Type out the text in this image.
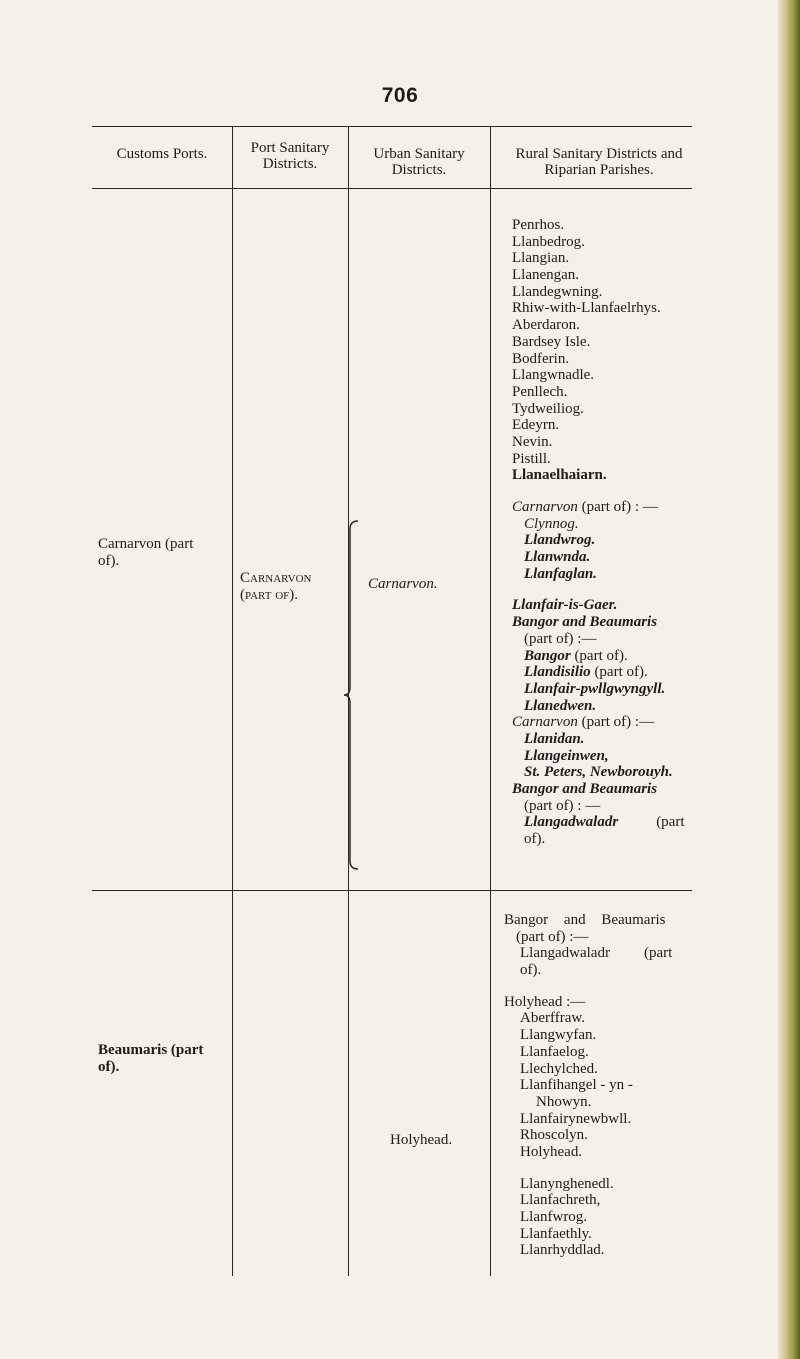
706
Customs Ports.	Port Sanitary
Districts.
Urban Sanitary
Districts.
Rural Sanitary Districts and
Riparian Parishes.
Carnarvon (part
of).
Carnarvon
(part of).
Carnarvon.
Penrhos.
Llanbedrog.
Llangian.
Llanengan.
Llandegwning.
Rhiw-with-Llanfaelrhys.
Aberdaron.
Bardsey Isle.
Bodferin.
Llangwnadle.
Penllech.
Tydweiliog.
Edeyrn.
Nevin.
Pistill.
Llanaelhaiarn.
Carnarvon (part of) : —
Clynnog.
Llandwrog.
Llanwnda.
Llanfaglan.
Llanfair-is-Gaer.
Bangor and Beaumaris
(part of) :—
Bangor (part of).
Llandisilio (part of).
Llanfair-pwllgwyngyll.
Llanedwen.
Carnarvon (part of) :—
Llanidan.
Llangeinwen,
St. Peters, Newborouyh.
Bangor and Beaumaris
(part of) : —
Llangadwaladr	(part
of).
Beaumaris (part
of).
Holyhead.
Bangor and Beaumaris
(part of) :—
Llangadwaladr (part
of).
Holyhead :—
Aberffraw.
Llangwyfan.
Llanfaelog.
Llechylched.
Llanfihangel - yn -
Nhowyn.
Llanfairynewbwll.
Rhoscolyn.
Holyhead.
Llanynghenedl.
Llanfachreth,
Llanfwrog.
Llanfaethly.
Llanrhyddlad.
